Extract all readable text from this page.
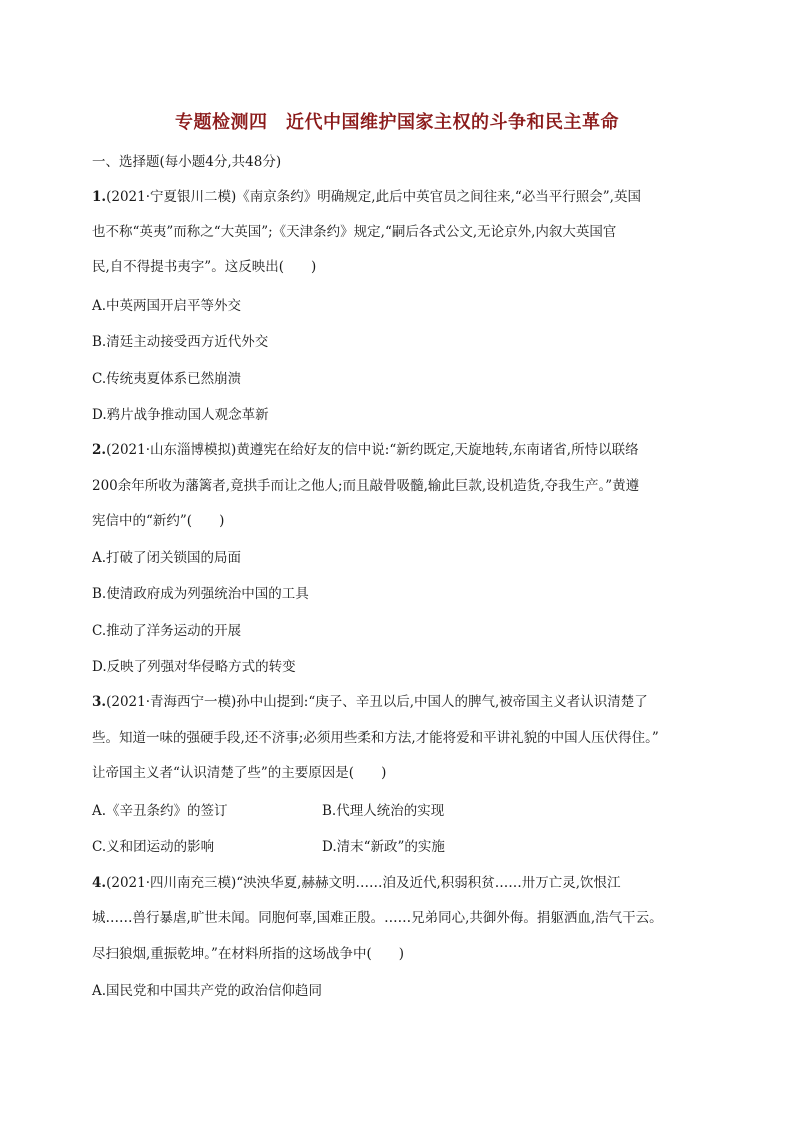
专题检测四　近代中国维护国家主权的斗争和民主革命
一、选择题(每小题4分,共48分)
1.(2021·宁夏银川二模)《南京条约》明确规定,此后中英官员之间往来,“必当平行照会”,英国
也不称“英夷”而称之“大英国”;《天津条约》规定,“嗣后各式公文,无论京外,内叙大英国官
民,自不得提书夷字”。这反映出(　　)
A.中英两国开启平等外交
B.清廷主动接受西方近代外交
C.传统夷夏体系已然崩溃
D.鸦片战争推动国人观念革新
2.(2021·山东淄博模拟)黄遵宪在给好友的信中说:“新约既定,天旋地转,东南诸省,所恃以联络
200余年所收为藩篱者,竟拱手而让之他人;而且敲骨吸髓,输此巨款,设机造货,夺我生产。”黄遵
宪信中的“新约”(　　)
A.打破了闭关锁国的局面
B.使清政府成为列强统治中国的工具
C.推动了洋务运动的开展
D.反映了列强对华侵略方式的转变
3.(2021·青海西宁一模)孙中山提到:“庚子、辛丑以后,中国人的脾气,被帝国主义者认识清楚了
些。知道一味的强硬手段,还不济事;必须用些柔和方法,才能将爱和平讲礼貌的中国人压伏得住。”
让帝国主义者“认识清楚了些”的主要原因是(　　)
A.《辛丑条约》的签订	B.代理人统治的实现
C.义和团运动的影响	D.清末“新政”的实施
4.(2021·四川南充三模)“泱泱华夏,赫赫文明……洎及近代,积弱积贫……卅万亡灵,饮恨江
城……兽行暴虐,旷世未闻。同胞何辜,国难正殷。……兄弟同心,共御外侮。捐躯洒血,浩气干云。
尽扫狼烟,重振乾坤。”在材料所指的这场战争中(　　)
A.国民党和中国共产党的政治信仰趋同
